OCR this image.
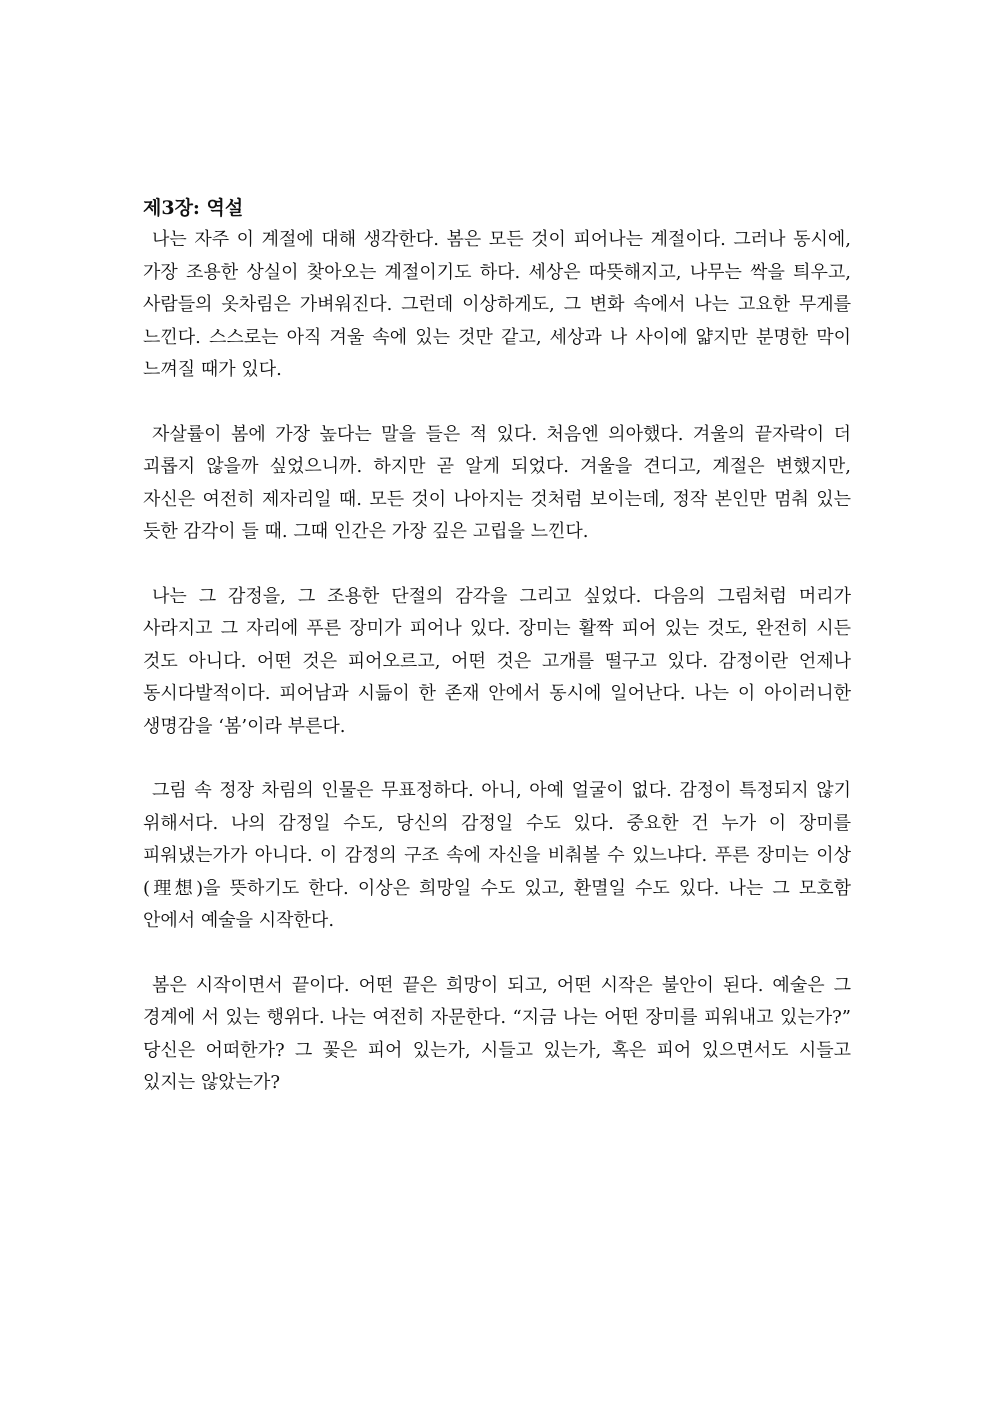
제3장: 역설

나는 자주 이 계절에 대해 생각한다. 봄은 모든 것이 피어나는 계절이다. 그러나 동시에, 가장 조용한 상실이 찾아오는 계절이기도 하다. 세상은 따뜻해지고, 나무는 싹을 틔우고, 사람들의 옷차림은 가벼워진다. 그런데 이상하게도, 그 변화 속에서 나는 고요한 무게를 느낀다. 스스로는 아직 겨울 속에 있는 것만 같고, 세상과 나 사이에 얇지만 분명한 막이 느껴질 때가 있다.

자살률이 봄에 가장 높다는 말을 들은 적 있다. 처음엔 의아했다. 겨울의 끝자락이 더 괴롭지 않을까 싶었으니까. 하지만 곧 알게 되었다. 겨울을 견디고, 계절은 변했지만, 자신은 여전히 제자리일 때. 모든 것이 나아지는 것처럼 보이는데, 정작 본인만 멈춰 있는 듯한 감각이 들 때. 그때 인간은 가장 깊은 고립을 느낀다.

나는 그 감정을, 그 조용한 단절의 감각을 그리고 싶었다. 다음의 그림처럼 머리가 사라지고 그 자리에 푸른 장미가 피어나 있다. 장미는 활짝 피어 있는 것도, 완전히 시든 것도 아니다. 어떤 것은 피어오르고, 어떤 것은 고개를 떨구고 있다. 감정이란 언제나 동시다발적이다. 피어남과 시듦이 한 존재 안에서 동시에 일어난다. 나는 이 아이러니한 생명감을 ‘봄’이라 부른다.

그림 속 정장 차림의 인물은 무표정하다. 아니, 아예 얼굴이 없다. 감정이 특정되지 않기 위해서다. 나의 감정일 수도, 당신의 감정일 수도 있다. 중요한 건 누가 이 장미를 피워냈는가가 아니다. 이 감정의 구조 속에 자신을 비춰볼 수 있느냐다. 푸른 장미는 이상(理想)을 뜻하기도 한다. 이상은 희망일 수도 있고, 환멸일 수도 있다. 나는 그 모호함 안에서 예술을 시작한다.

봄은 시작이면서 끝이다. 어떤 끝은 희망이 되고, 어떤 시작은 불안이 된다. 예술은 그 경계에 서 있는 행위다. 나는 여전히 자문한다. “지금 나는 어떤 장미를 피워내고 있는가?” 당신은 어떠한가? 그 꽃은 피어 있는가, 시들고 있는가, 혹은 피어 있으면서도 시들고 있지는 않았는가?
